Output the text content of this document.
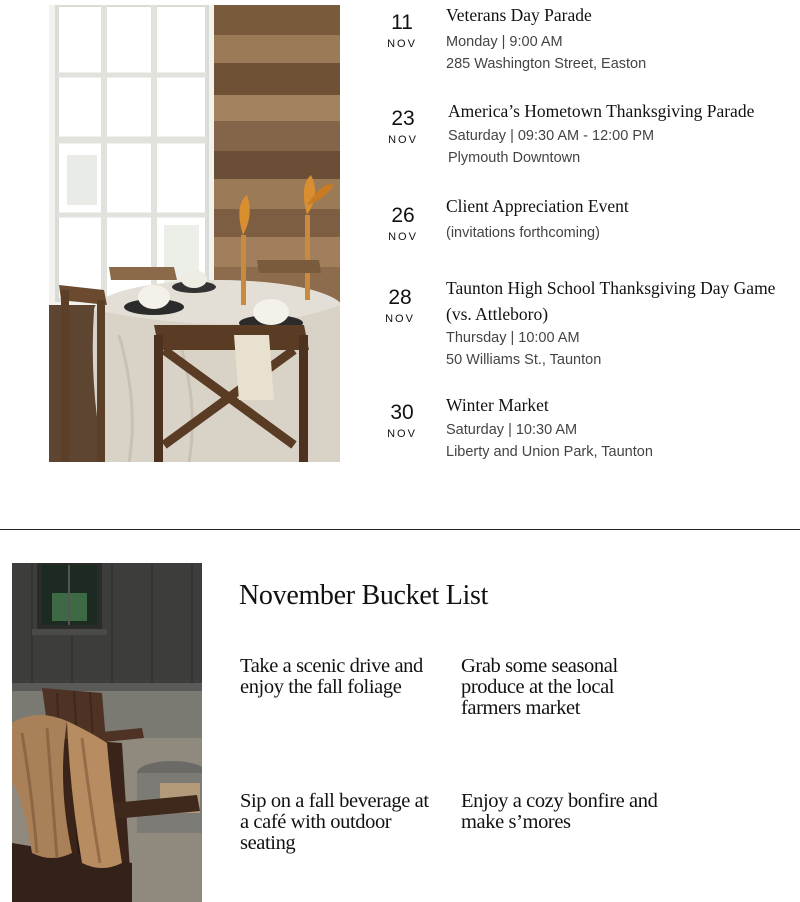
11
NOV
Veterans Day Parade
Monday | 9:00 AM
285 Washington Street, Easton
23
NOV
America’s Hometown Thanksgiving Parade
Saturday | 09:30 AM - 12:00 PM
Plymouth Downtown
26
NOV
Client Appreciation Event
(invitations forthcoming)
28
NOV
Taunton High School Thanksgiving Day Game (vs. Attleboro)
Thursday | 10:00 AM
50 Williams St., Taunton
30
NOV
Winter Market
Saturday | 10:30 AM
Liberty and Union Park, Taunton
November Bucket List
Take a scenic drive and enjoy the fall foliage
Grab some seasonal produce at the local farmers market
Sip on a fall beverage at a café with outdoor seating
Enjoy a cozy bonfire and make s’mores
